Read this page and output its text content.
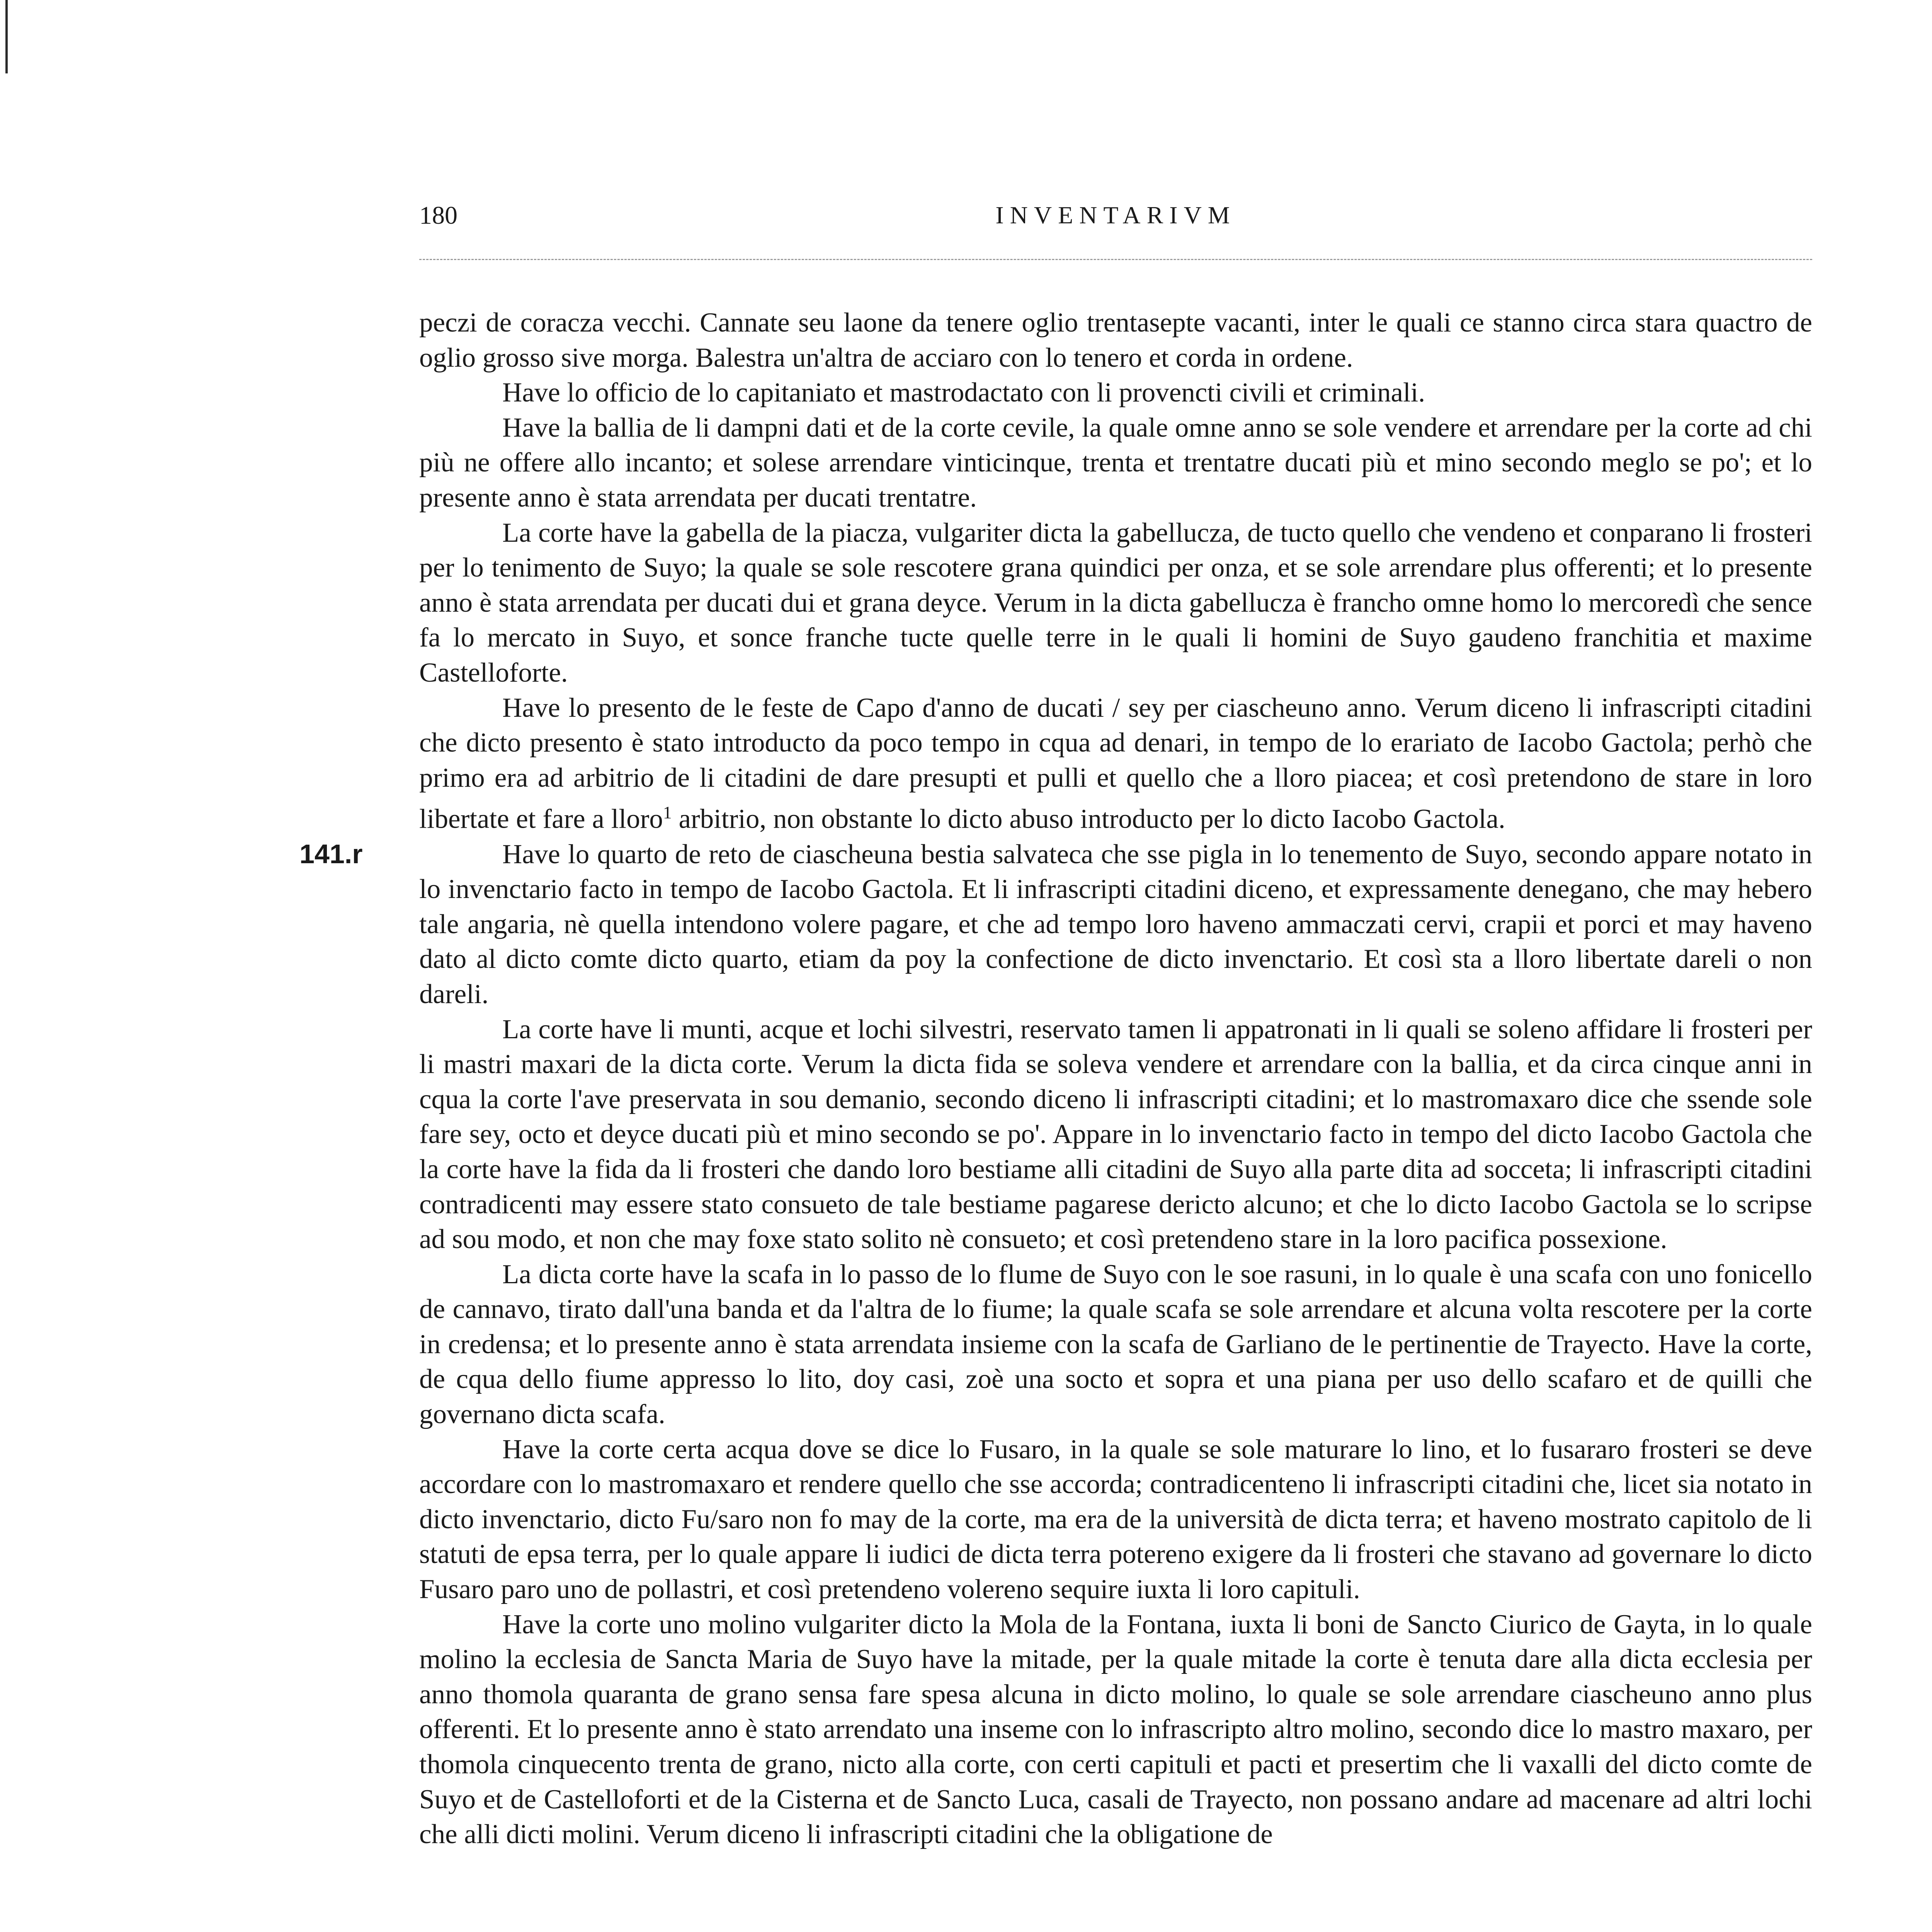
180	INVENTARIVM
141.r

peczi de coracza vecchi. Cannate seu laone da tenere oglio trentasepte vacanti, inter le quali ce stanno circa stara quactro de oglio grosso sive morga. Balestra un'altra de acciaro con lo tenero et corda in ordene.

Have lo officio de lo capitaniato et mastrodactato con li provencti civili et criminali.

Have la ballia de li dampni dati et de la corte cevile, la quale omne anno se sole vendere et arrendare per la corte ad chi più ne offere allo incanto; et solese arrendare vinticinque, trenta et trentatre ducati più et mino secondo meglo se po'; et lo presente anno è stata arrendata per ducati trentatre.

La corte have la gabella de la piacza, vulgariter dicta la gabellucza, de tucto quello che vendeno et conparano li frosteri per lo tenimento de Suyo; la quale se sole rescotere grana quindici per onza, et se sole arrendare plus offerenti; et lo presente anno è stata arrendata per ducati dui et grana deyce. Verum in la dicta gabellucza è francho omne homo lo mercoredì che sence fa lo mercato in Suyo, et sonce franche tucte quelle terre in le quali li homini de Suyo gaudeno franchitia et maxime Castelloforte.

Have lo presento de le feste de Capo d'anno de ducati / sey per ciascheuno anno. Verum diceno li infrascripti citadini che dicto presento è stato introducto da poco tempo in cqua ad denari, in tempo de lo erariato de Iacobo Gactola; perhò che primo era ad arbitrio de li citadini de dare presupti et pulli et quello che a lloro piacea; et così pretendono de stare in loro libertate et fare a lloro$^1$ arbitrio, non obstante lo dicto abuso introducto per lo dicto Iacobo Gactola.

Have lo quarto de reto de ciascheuna bestia salvateca che sse pigla in lo tenemento de Suyo, secondo appare notato in lo invenctario facto in tempo de Iacobo Gactola. Et li infrascripti citadini diceno, et expressamente denegano, che may hebero tale angaria, nè quella intendono volere pagare, et che ad tempo loro haveno ammaczati cervi, crapii et porci et may haveno dato al dicto comte dicto quarto, etiam da poy la confectione de dicto invenctario. Et così sta a lloro libertate dareli o non dareli.

La corte have li munti, acque et lochi silvestri, reservato tamen li appatronati in li quali se soleno affidare li frosteri per li mastri maxari de la dicta corte. Verum la dicta fida se soleva vendere et arrendare con la ballia, et da circa cinque anni in cqua la corte l'ave preservata in sou demanio, secondo diceno li infrascripti citadini; et lo mastromaxaro dice che ssende sole fare sey, octo et deyce ducati più et mino secondo se po'. Appare in lo invenctario facto in tempo del dicto Iacobo Gactola che la corte have la fida da li frosteri che dando loro bestiame alli citadini de Suyo alla parte dita ad socceta; li infrascripti citadini contradicenti may essere stato consueto de tale bestiame pagarese dericto alcuno; et che lo dicto Iacobo Gactola se lo scripse ad sou modo, et non che may foxe stato solito nè consueto; et così pretendeno stare in la loro pacifica possexione.

La dicta corte have la scafa in lo passo de lo flume de Suyo con le soe rasuni, in lo quale è una scafa con uno fonicello de cannavo, tirato dall'una banda et da l'altra de lo fiume; la quale scafa se sole arrendare et alcuna volta rescotere per la corte in credensa; et lo presente anno è stata arrendata insieme con la scafa de Garliano de le pertinentie de Trayecto. Have la corte, de cqua dello fiume appresso lo lito, doy casi, zoè una socto et sopra et una piana per uso dello scafaro et de quilli che governano dicta scafa.

Have la corte certa acqua dove se dice lo Fusaro, in la quale se sole maturare lo lino, et lo fusararo frosteri se deve accordare con lo mastromaxaro et rendere quello che sse accorda; contradicenteno li infrascripti citadini che, licet sia notato in dicto invenctario, dicto Fu/saro non fo may de la corte, ma era de la università de dicta terra; et haveno mostrato capitolo de li statuti de epsa terra, per lo quale appare li iudici de dicta terra potereno exigere da li frosteri che stavano ad governare lo dicto Fusaro paro uno de pollastri, et così pretendeno volereno sequire iuxta li loro capituli.

Have la corte uno molino vulgariter dicto la Mola de la Fontana, iuxta li boni de Sancto Ciurico de Gayta, in lo quale molino la ecclesia de Sancta Maria de Suyo have la mitade, per la quale mitade la corte è tenuta dare alla dicta ecclesia per anno thomola quaranta de grano sensa fare spesa alcuna in dicto molino, lo quale se sole arrendare ciascheuno anno plus offerenti. Et lo presente anno è stato arrendato una inseme con lo infrascripto altro molino, secondo dice lo mastro maxaro, per thomola cinquecento trenta de grano, nicto alla corte, con certi capituli et pacti et presertim che li vaxalli del dicto comte de Suyo et de Castelloforti et de la Cisterna et de Sancto Luca, casali de Trayecto, non possano andare ad macenare ad altri lochi che alli dicti molini. Verum diceno li infrascripti citadini che la obligatione de
